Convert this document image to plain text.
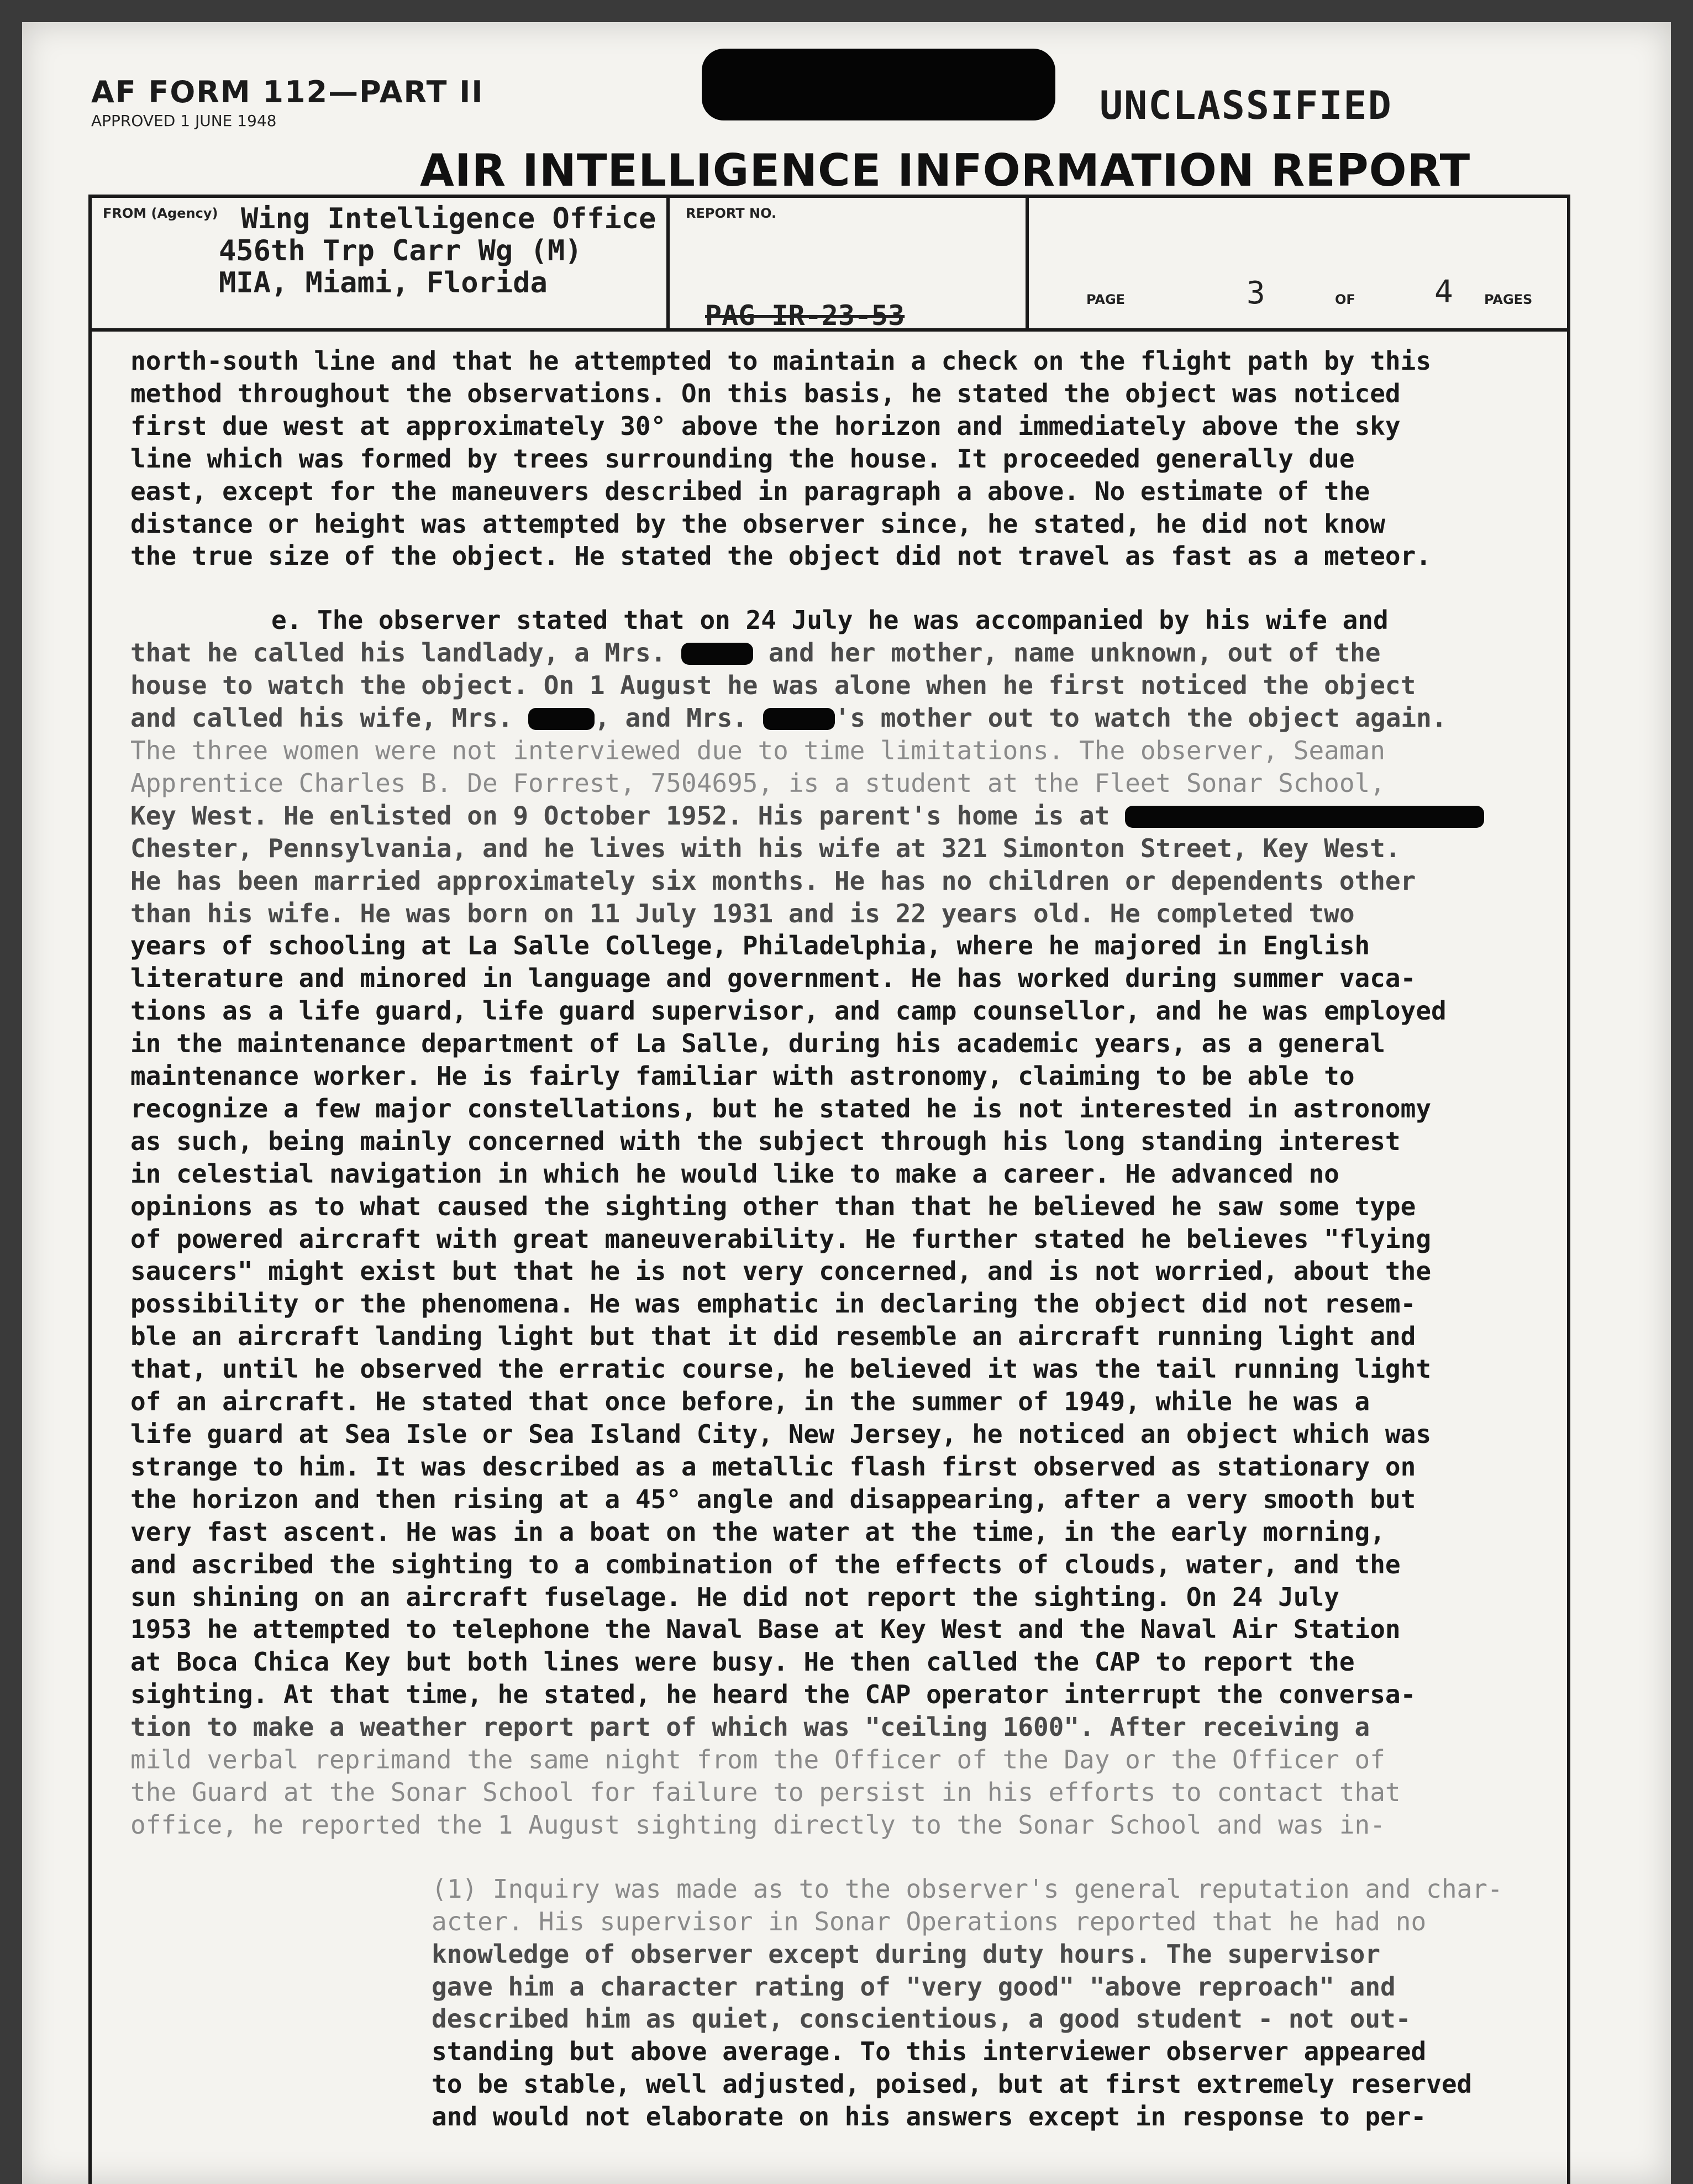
AF FORM 112—PART II
APPROVED 1 JUNE 1948	UNCLASSIFIED
AIR INTELLIGENCE INFORMATION REPORT
FROM (Agency) Wing Intelligence Office
456th Trp Carr Wg (M)
MIA, Miami, Florida
REPORT NO.
PAG IR-23-53	PAGE	3	OF	4 PAGES

north-south line and that he attempted to maintain a check on the flight path by this

method throughout the observations. On this basis, he stated the object was noticed

first due west at approximately 30° above the horizon and immediately above the sky

line which was formed by trees surrounding the house. It proceeded generally due

east, except for the maneuvers described in paragraph a above. No estimate of the

distance or height was attempted by the observer since, he stated, he did not know

the true size of the object. He stated the object did not travel as fast as a meteor.

e. The observer stated that on 24 July he was accompanied by his wife and

that he called his landlady, a Mrs.	and her mother, name unknown, out of the

house to watch the object. On 1 August he was alone when he first noticed the object

and called his wife, Mrs.	, and Mrs.	's mother out to watch the object again.

The three women were not interviewed due to time limitations. The observer, Seaman

Apprentice Charles B. De Forrest, 7504695, is a student at the Fleet Sonar School,

Key West. He enlisted on 9 October 1952. His parent's home is at

Chester, Pennsylvania, and he lives with his wife at 321 Simonton Street, Key West.

He has been married approximately six months. He has no children or dependents other

than his wife. He was born on 11 July 1931 and is 22 years old. He completed two

years of schooling at La Salle College, Philadelphia, where he majored in English

literature and minored in language and government. He has worked during summer vaca-

tions as a life guard, life guard supervisor, and camp counsellor, and he was employed

in the maintenance department of La Salle, during his academic years, as a general

maintenance worker. He is fairly familiar with astronomy, claiming to be able to

recognize a few major constellations, but he stated he is not interested in astronomy

as such, being mainly concerned with the subject through his long standing interest

in celestial navigation in which he would like to make a career. He advanced no

opinions as to what caused the sighting other than that he believed he saw some type

of powered aircraft with great maneuverability. He further stated he believes "flying

saucers" might exist but that he is not very concerned, and is not worried, about the

possibility or the phenomena. He was emphatic in declaring the object did not resem-

ble an aircraft landing light but that it did resemble an aircraft running light and

that, until he observed the erratic course, he believed it was the tail running light

of an aircraft. He stated that once before, in the summer of 1949, while he was a

life guard at Sea Isle or Sea Island City, New Jersey, he noticed an object which was

strange to him. It was described as a metallic flash first observed as stationary on

the horizon and then rising at a 45° angle and disappearing, after a very smooth but

very fast ascent. He was in a boat on the water at the time, in the early morning,

and ascribed the sighting to a combination of the effects of clouds, water, and the

sun shining on an aircraft fuselage. He did not report the sighting. On 24 July

1953 he attempted to telephone the Naval Base at Key West and the Naval Air Station

at Boca Chica Key but both lines were busy. He then called the CAP to report the

sighting. At that time, he stated, he heard the CAP operator interrupt the conversa-

tion to make a weather report part of which was "ceiling 1600". After receiving a

mild verbal reprimand the same night from the Officer of the Day or the Officer of

the Guard at the Sonar School for failure to persist in his efforts to contact that

office, he reported the 1 August sighting directly to the Sonar School and was in-

(1) Inquiry was made as to the observer's general reputation and char-

acter. His supervisor in Sonar Operations reported that he had no

knowledge of observer except during duty hours. The supervisor

gave him a character rating of "very good" "above reproach" and

described him as quiet, conscientious, a good student - not out-

standing but above average. To this interviewer observer appeared

to be stable, well adjusted, poised, but at first extremely reserved

and would not elaborate on his answers except in response to per-
